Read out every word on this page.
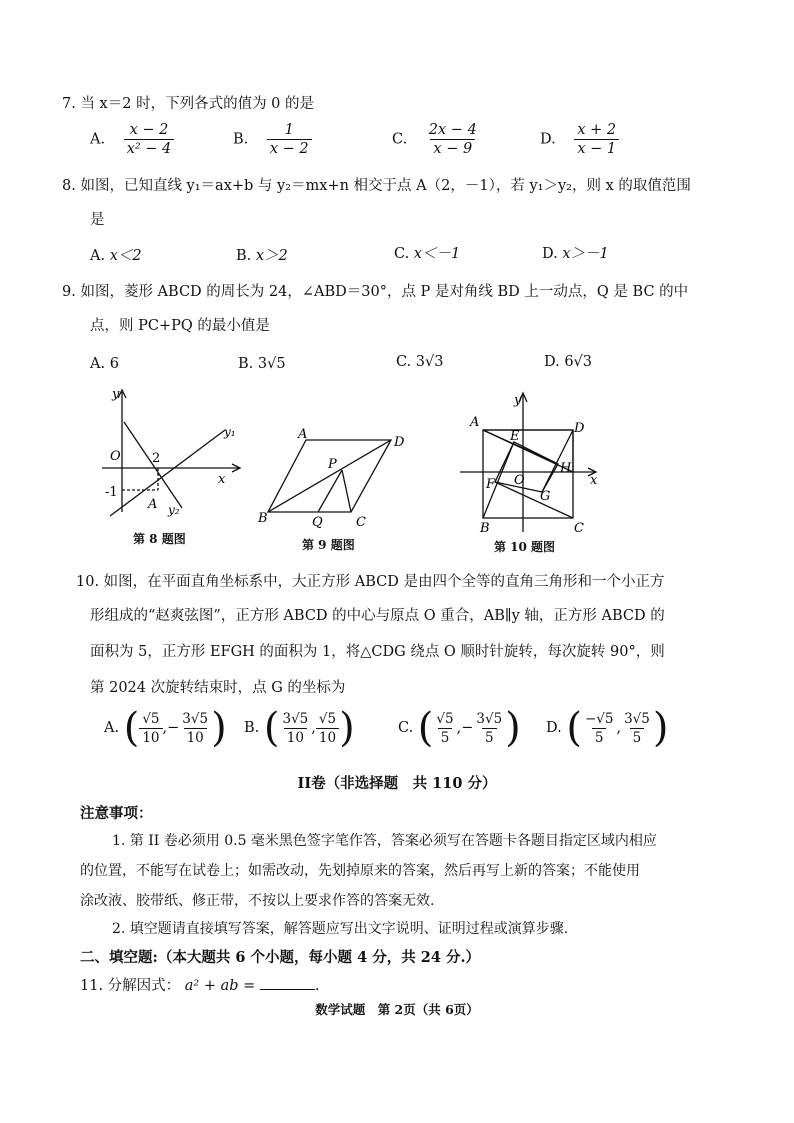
7. 当 x＝2 时，下列各式的值为 0 的是
A. $\frac{x - 2}{\text{x² − 4}}$	B. $\frac{1}{x - 2}$	C. $\frac{2x - 4}{x - 9}$	D. $\frac{x + 2}{x - 1}$
8. 如图，已知直线 y₁＝ax+b 与 y₂＝mx+n 相交于点 A（2，－1），若 y₁＞y₂，则 x 的取值范围
是
A. x＜2	B. x＞2	C. x＜－1	D. x＞－1
9. 如图，菱形 ABCD 的周长为 24，∠ABD＝30°，点 P 是对角线 BD 上一动点，Q 是 BC 的中
点，则 PC+PQ 的最小值是
A. 6	B. 3√5	C. 3√3	D. 6√3
y
x
O 2
-1
A
y₁
y₂
第 8 题图
A
B	C
D
P
Q
第 9 题图
y
x
A
B	C
D
E
F
G
H
O
第 10 题图
10. 如图，在平面直角坐标系中，大正方形 ABCD 是由四个全等的直角三角形和一个小正方
形组成的“赵爽弦图”，正方形 ABCD 的中心与原点 O 重合，AB∥y 轴，正方形 ABCD 的
面积为 5，正方形 EFGH 的面积为 1，将△CDG 绕点 O 顺时针旋转，每次旋转 90°，则
第 2024 次旋转结束时，点 G 的坐标为
A. ( $\frac{√5}{10}$ ,− $\frac{3√5}{10}$ ) B. ( $\frac{3√5}{10}$ , $\frac{√5}{10}$ )	C. ( $\frac{√5}{5}$ ,− $\frac{3√5}{5}$ ) D. ( $\frac{-√5}{5}$ , $\frac{3√5}{5}$ )
II卷（非选择题　共 110 分）
注意事项：
1. 第 II 卷必须用 0.5 毫米黑色签字笔作答，答案必须写在答题卡各题目指定区域内相应
的位置，不能写在试卷上；如需改动，先划掉原来的答案，然后再写上新的答案；不能使用
涂改液、胶带纸、修正带，不按以上要求作答的答案无效.
2. 填空题请直接填写答案，解答题应写出文字说明、证明过程或演算步骤.
二、填空题:（本大题共 6 个小题，每小题 4 分，共 24 分.）
11. 分解因式： a² + ab =	.
数学试题　第 2页（共 6页）
